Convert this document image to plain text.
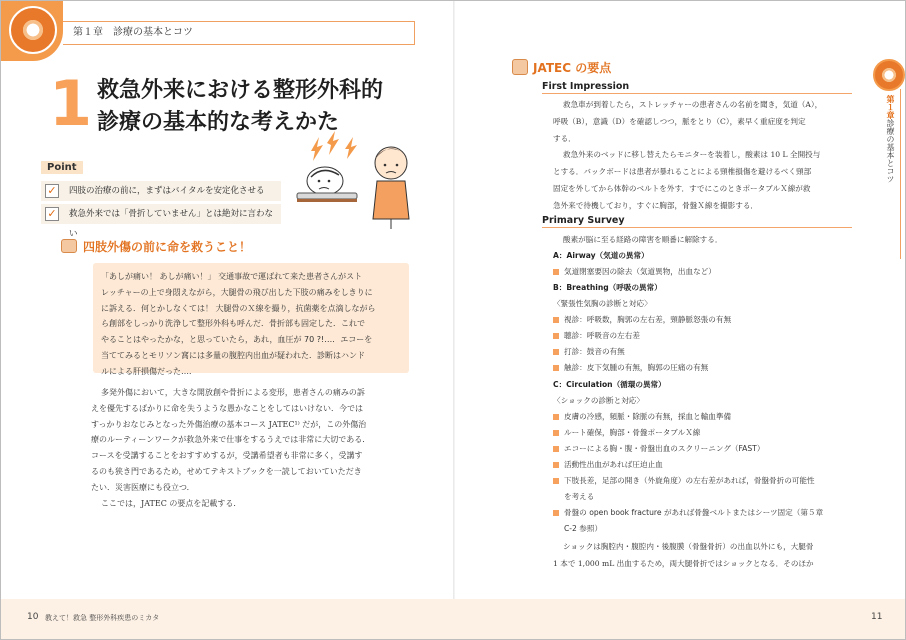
第１章　診療の基本とコツ
1 救急外来における整形外科的
診療の基本的な考えかた
Point
✓ 四肢の治療の前に，まずはバイタルを安定化させる
✓ 救急外来では「骨折していません」とは絶対に言わない
四肢外傷の前に命を救うこと！
「あしが痛い！ あしが痛い！」 交通事故で運ばれて来た患者さんがスト
レッチャーの上で身悶えながら，大腿骨の飛び出した下肢の痛みをしきりに
に訴える．何とかしなくては！ 大腿骨のＸ線を撮り，抗菌薬を点滴しながら
ら創部をしっかり洗浄して整形外科も呼んだ．骨折部も固定した．これで
やることはやったかな，と思っていたら，あれ，血圧が 70 ?!…．エコーを
当ててみるとモリソン窩には多量の腹腔内出血が疑われた．診断はハンド
ルによる肝損傷だった…．
多発外傷において，大きな開放創や骨折による変形，患者さんの痛みの訴
えを優先するばかりに命を失うような愚かなことをしてはいけない．今では
すっかりおなじみとなった外傷治療の基本コース JATEC¹⁾ だが，この外傷治
療のルーティーンワークが救急外来で仕事をするうえでは非常に大切である．
コースを受講することをおすすめするが，受講希望者も非常に多く，受講す
るのも狭き門であるため，せめてテキストブックを一読しておいていただき
たい．災害医療にも役立つ．
ここでは，JATEC の要点を記載する．
10 教えて！救急 整形外科疾患のミカタ
JATEC の要点
First Impression
救急車が到着したら，ストレッチャーの患者さんの名前を聞き，気道（A），
呼吸（B），意識（D）を確認しつつ，脈をとり（C），素早く重症度を判定
する．
救急外来のベッドに移し替えたらモニターを装着し，酸素は 10 L 全開投与
とする．バックボードは患者が暴れることによる頸椎損傷を避けるべく頸部
固定を外してから体幹のベルトを外す．すでにこのときポータブルＸ線が救
急外来で待機しており，すぐに胸部，骨盤Ｘ線を撮影する．
Primary Survey
酸素が脳に至る経路の障害を順番に解除する．
A：Airway（気道の異常）
気道閉塞要因の除去（気道異物，出血など）
B：Breathing（呼吸の異常）
〈緊張性気胸の診断と対応〉
視診：呼吸数，胸郭の左右差，頸静脈怒張の有無
聴診：呼吸音の左右差
打診：鼓音の有無
触診：皮下気腫の有無，胸郭の圧痛の有無
C：Circulation（循環の異常）
〈ショックの診断と対応〉
皮膚の冷感，頻脈・除脈の有無，採血と輸血準備
ルート確保，胸部・骨盤ポータブルＸ線
エコーによる胸・腹・骨盤出血のスクリーニング（FAST）
活動性出血があれば圧迫止血
下肢長差，足部の開き（外旋角度）の左右差があれば，骨盤骨折の可能性
を考える
骨盤の open book fracture があれば骨盤ベルトまたはシーツ固定（第５章
C-2 参照）
ショックは胸腔内・腹腔内・後腹膜（骨盤骨折）の出血以外にも，大腿骨
1 本で 1,000 mL 出血するため，両大腿骨折ではショックとなる．そのほか
第１章診療の基本とコツ
11
